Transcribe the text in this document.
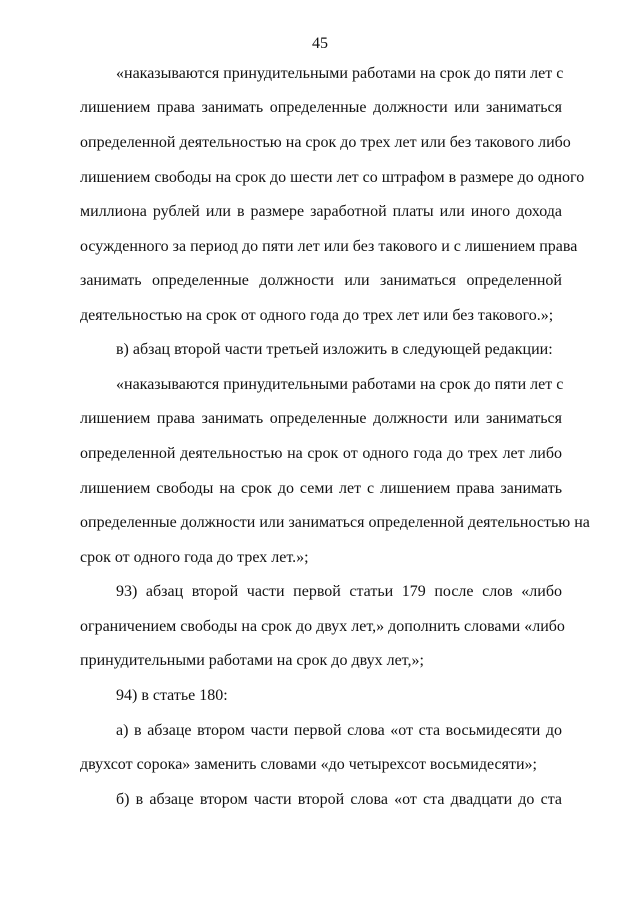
45
«наказываются принудительными работами на срок до пяти лет с
лишением права занимать определенные должности или заниматься
определенной деятельностью на срок до трех лет или без такового либо
лишением свободы на срок до шести лет со штрафом в размере до одного
миллиона рублей или в размере заработной платы или иного дохода
осужденного за период до пяти лет или без такового и с лишением права
занимать определенные должности или заниматься определенной
деятельностью на срок от одного года до трех лет или без такового.»;
в) абзац второй части третьей изложить в следующей редакции:
«наказываются принудительными работами на срок до пяти лет с
лишением права занимать определенные должности или заниматься
определенной деятельностью на срок от одного года до трех лет либо
лишением свободы на срок до семи лет с лишением права занимать
определенные должности или заниматься определенной деятельностью на
срок от одного года до трех лет.»;
93) абзац второй части первой статьи 179 после слов «либо
ограничением свободы на срок до двух лет,» дополнить словами «либо
принудительными работами на срок до двух лет,»;
94) в статье 180:
а) в абзаце втором части первой слова «от ста восьмидесяти до
двухсот сорока» заменить словами «до четырехсот восьмидесяти»;
б) в абзаце втором части второй слова «от ста двадцати до ста
